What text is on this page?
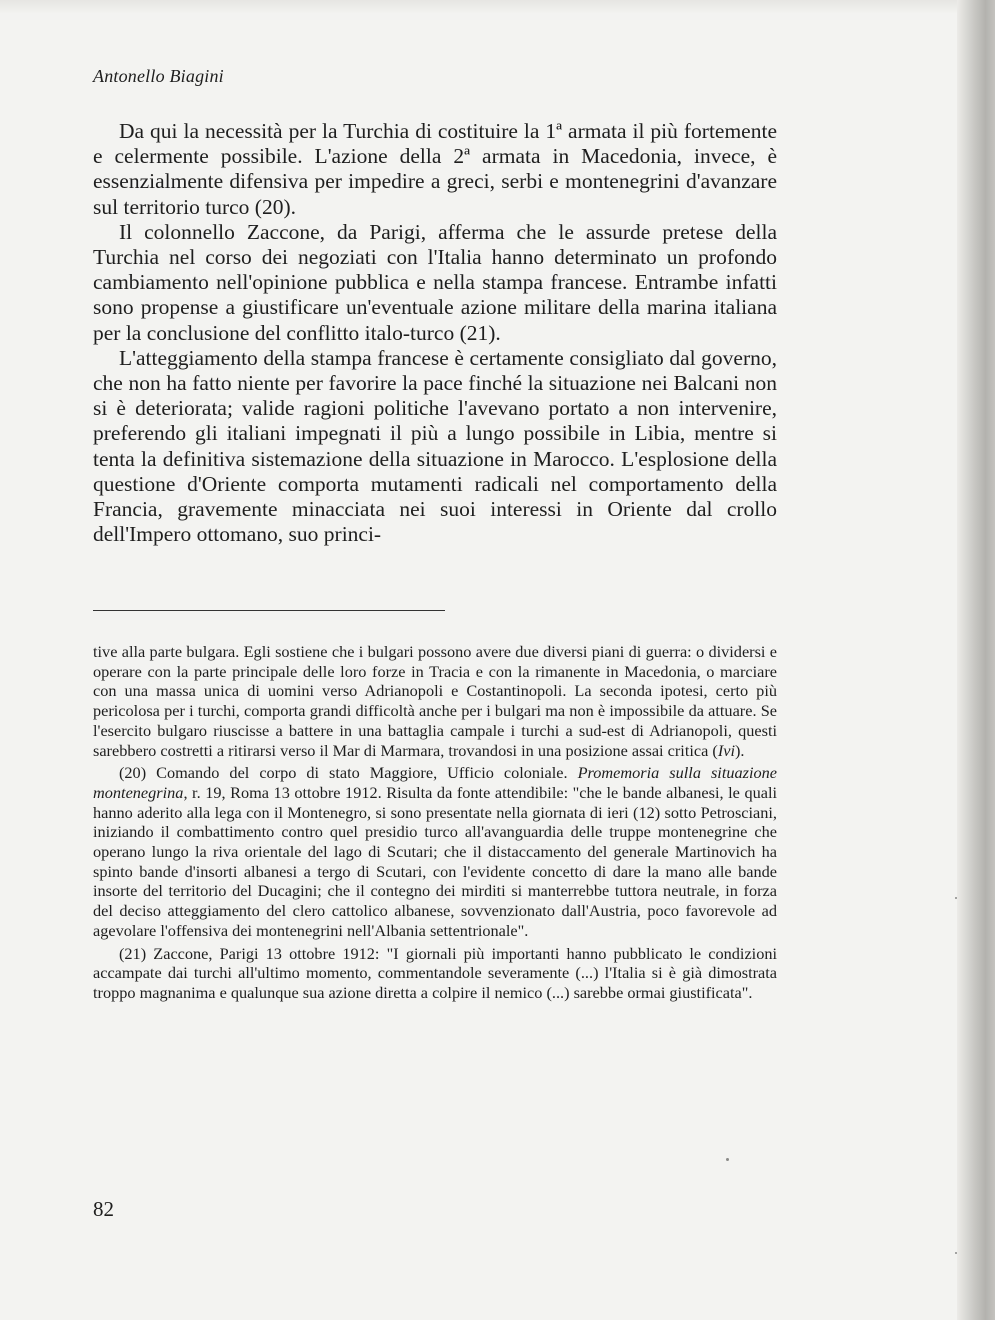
Antonello Biagini

Da qui la necessità per la Turchia di costituire la 1ª armata il più fortemente e celermente possibile. L'azione della 2ª armata in Macedonia, invece, è essenzialmente difensiva per impedire a greci, serbi e montenegrini d'avanzare sul territorio turco (20).

Il colonnello Zaccone, da Parigi, afferma che le assurde pretese della Turchia nel corso dei negoziati con l'Italia hanno determinato un profondo cambiamento nell'opinione pubblica e nella stampa francese. Entrambe infatti sono propense a giustificare un'eventuale azione militare della marina italiana per la conclusione del conflitto italo-turco (21).

L'atteggiamento della stampa francese è certamente consigliato dal governo, che non ha fatto niente per favorire la pace finché la situazione nei Balcani non si è deteriorata; valide ragioni politiche l'avevano portato a non intervenire, preferendo gli italiani impegnati il più a lungo possibile in Libia, mentre si tenta la definitiva sistemazione della situazione in Marocco. L'esplosione della questione d'Oriente comporta mutamenti radicali nel comportamento della Francia, gravemente minacciata nei suoi interessi in Oriente dal crollo dell'Impero ottomano, suo princi-

tive alla parte bulgara. Egli sostiene che i bulgari possono avere due diversi piani di guerra: o dividersi e operare con la parte principale delle loro forze in Tracia e con la rimanente in Macedonia, o marciare con una massa unica di uomini verso Adrianopoli e Costantinopoli. La seconda ipotesi, certo più pericolosa per i turchi, comporta grandi difficoltà anche per i bulgari ma non è impossibile da attuare. Se l'esercito bulgaro riuscisse a battere in una battaglia campale i turchi a sud-est di Adrianopoli, questi sarebbero costretti a ritirarsi verso il Mar di Marmara, trovandosi in una posizione assai critica (Ivi).

(20) Comando del corpo di stato Maggiore, Ufficio coloniale. Promemoria sulla situazione montenegrina, r. 19, Roma 13 ottobre 1912. Risulta da fonte attendibile: "che le bande albanesi, le quali hanno aderito alla lega con il Montenegro, si sono presentate nella giornata di ieri (12) sotto Petrosciani, iniziando il combattimento contro quel presidio turco all'avanguardia delle truppe montenegrine che operano lungo la riva orientale del lago di Scutari; che il distaccamento del generale Martinovich ha spinto bande d'insorti albanesi a tergo di Scutari, con l'evidente concetto di dare la mano alle bande insorte del territorio del Ducagini; che il contegno dei mirditi si manterrebbe tuttora neutrale, in forza del deciso atteggiamento del clero cattolico albanese, sovvenzionato dall'Austria, poco favorevole ad agevolare l'offensiva dei montenegrini nell'Albania settentrionale".

(21) Zaccone, Parigi 13 ottobre 1912: "I giornali più importanti hanno pubblicato le condizioni accampate dai turchi all'ultimo momento, commentandole severamente (...) l'Italia si è già dimostrata troppo magnanima e qualunque sua azione diretta a colpire il nemico (...) sarebbe ormai giustificata".

82
